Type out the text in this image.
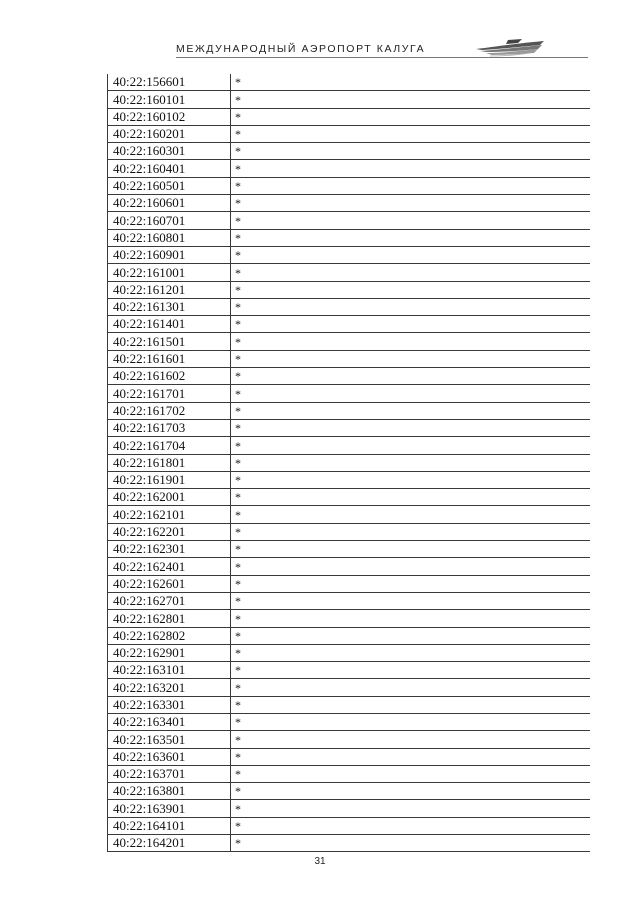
МЕЖДУНАРОДНЫЙ АЭРОПОРТ КАЛУГА
40:22:156601	*
40:22:160101	*
40:22:160102	*
40:22:160201	*
40:22:160301	*
40:22:160401	*
40:22:160501	*
40:22:160601	*
40:22:160701	*
40:22:160801	*
40:22:160901	*
40:22:161001	*
40:22:161201	*
40:22:161301	*
40:22:161401	*
40:22:161501	*
40:22:161601	*
40:22:161602	*
40:22:161701	*
40:22:161702	*
40:22:161703	*
40:22:161704	*
40:22:161801	*
40:22:161901	*
40:22:162001	*
40:22:162101	*
40:22:162201	*
40:22:162301	*
40:22:162401	*
40:22:162601	*
40:22:162701	*
40:22:162801	*
40:22:162802	*
40:22:162901	*
40:22:163101	*
40:22:163201	*
40:22:163301	*
40:22:163401	*
40:22:163501	*
40:22:163601	*
40:22:163701	*
40:22:163801	*
40:22:163901	*
40:22:164101	*
40:22:164201	*
31
